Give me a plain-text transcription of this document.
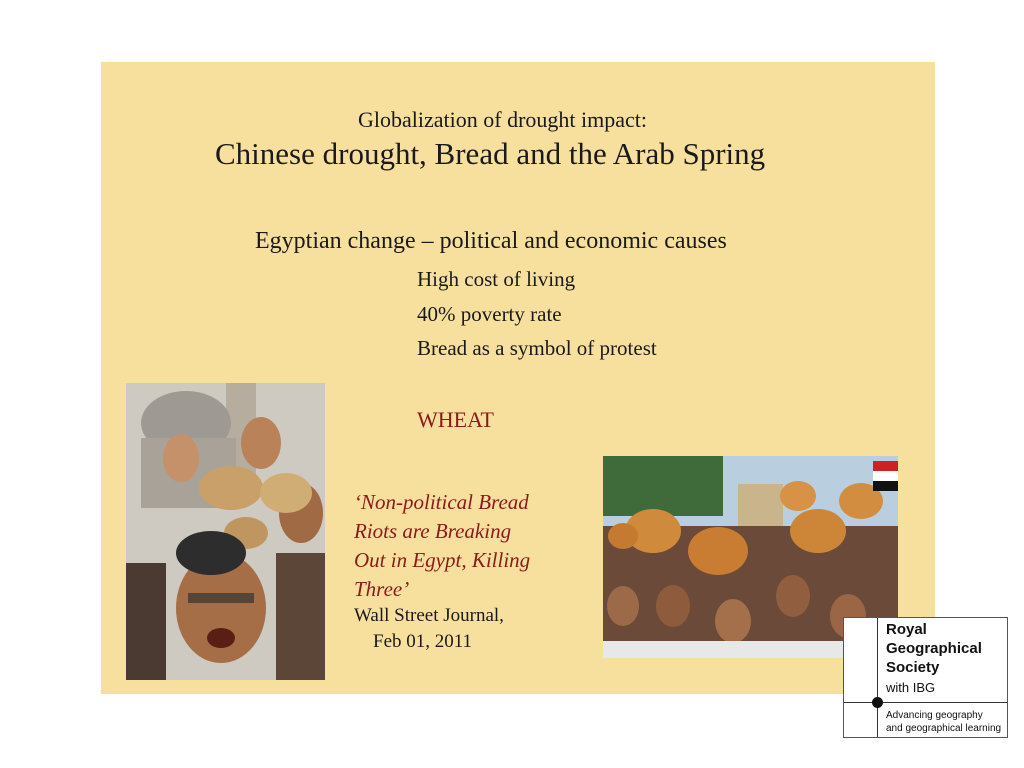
Globalization of drought impact:
Chinese drought, Bread and the Arab Spring
Egyptian change – political and economic causes
High cost of living
40% poverty rate
Bread as a symbol of protest
WHEAT
‘Non-political Bread
Riots are Breaking
Out in Egypt, Killing
Three’
Wall Street Journal,
Feb 01, 2011
Royal
Geographical
Society
with IBG
Advancing geography
and geographical learning
